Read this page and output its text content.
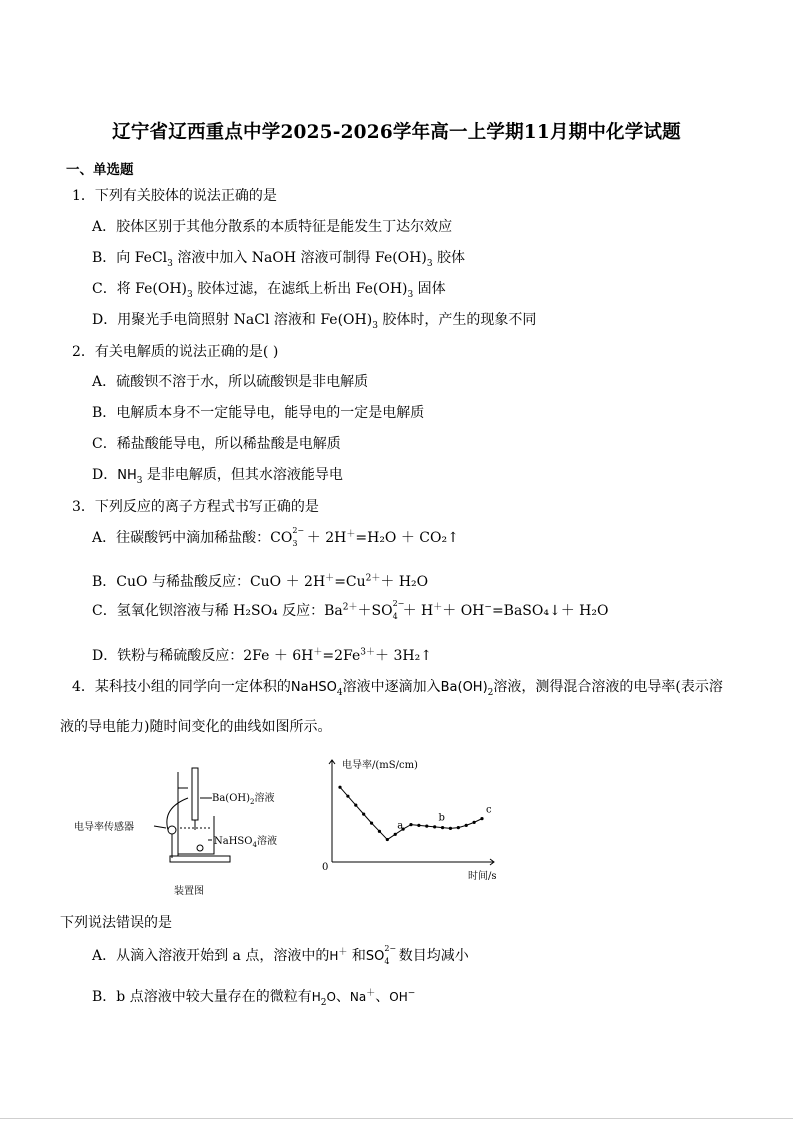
辽宁省辽西重点中学2025-2026学年高一上学期11月期中化学试题
一、单选题
1．下列有关胶体的说法正确的是
A．胶体区别于其他分散系的本质特征是能发生丁达尔效应
B．向 FeCl$_3$ 溶液中加入 NaOH 溶液可制得 $Fe(OH)_3$ 胶体
C．将 $Fe(OH)_3$ 胶体过滤，在滤纸上析出 $Fe(OH)_3$ 固体
D．用聚光手电筒照射 NaCl 溶液和 $Fe(OH)_3$ 胶体时，产生的现象不同
2．有关电解质的说法正确的是( )
A．硫酸钡不溶于水，所以硫酸钡是非电解质
B．电解质本身不一定能导电，能导电的一定是电解质
C．稀盐酸能导电，所以稀盐酸是电解质
D．$NH_3$ 是非电解质，但其水溶液能导电
3．下列反应的离子方程式书写正确的是
A．往碳酸钙中滴加稀盐酸：CO 2−
3 ＋ 2H＋=H₂O ＋ CO₂↑
B．CuO 与稀盐酸反应：CuO ＋ $2H^+=Cu^{2+}+ H_2O$
C．氢氧化钡溶液与稀 H₂SO₄ 反应：$Ba^{2+}+SO$ 2−
4 ＋ H＋＋ OH−=BaSO₄↓＋ H₂O
D．铁粉与稀硫酸反应：$2Fe + 6H^+=2Fe^{3+}+$ 3H₂↑
4．某科技小组的同学向一定体积的NaHSO$_4$溶液中逐滴加入$Ba(OH)_2$溶液，测得混合溶液的电导率(表示溶
液的导电能力)随时间变化的曲线如图所示。
$Ba(OH)_2$溶液
NaHSO$_4$溶液
电导率传感器
装置图
电导率/(mS/cm)
时间/s
0
a
b
c
下列说法错误的是
A．从滴入溶液开始到 a 点，溶液中的H＋ 和SO
2−
4 数目均减小
B．b 点溶液中较大量存在的微粒有$H_2O$、Na＋、OH−
